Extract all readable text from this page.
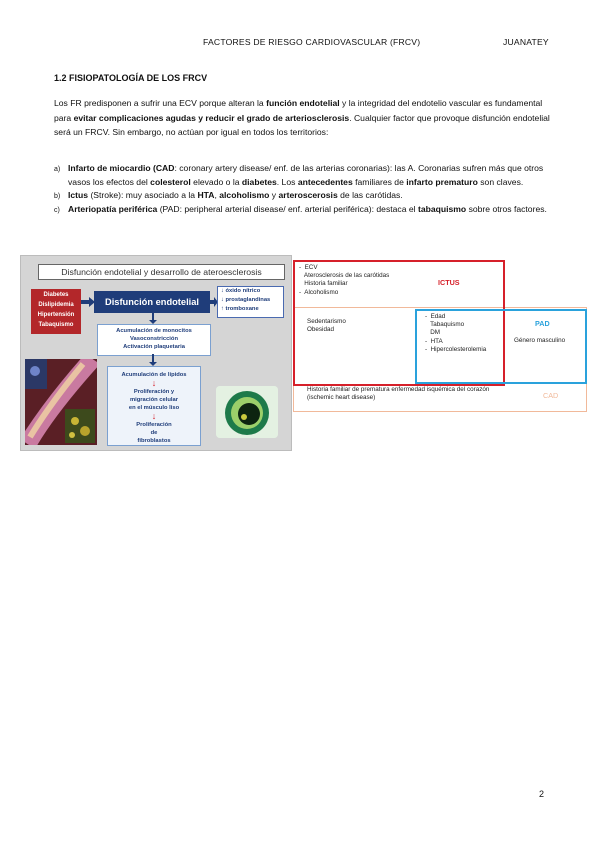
FACTORES DE RIESGO CARDIOVASCULAR (FRCV)	JUANATEY
1.2 FISIOPATOLOGÍA DE LOS FRCV
Los FR predisponen a sufrir una ECV porque alteran la función endotelial y la integridad del endotelio vascular es fundamental para evitar complicaciones agudas y reducir el grado de arteriosclerosis. Cualquier factor que provoque disfunción endotelial será un FRCV. Sin embargo, no actúan por igual en todos los territorios:
a) Infarto de miocardio (CAD: coronary artery disease/ enf. de las arterias coronarias): las A. Coronarias sufren más que otros vasos los efectos del colesterol elevado o la diabetes. Los antecedentes familiares de infarto prematuro son claves.
b) Ictus (Stroke): muy asociado a la HTA, alcoholismo y arteroscerosis de las carótidas.
c) Arteriopatía periférica (PAD: peripheral arterial disease/ enf. arterial periférica): destaca el tabaquismo sobre otros factores.
Disfunción endotelial y desarrollo de ateroesclerosis
Diabetes
Dislipidemia
Hipertensión
Tabaquismo
Disfunción endotelial
↓ óxido nítrico
↓ prostaglandinas
↑ tromboxane
Acumulación de monocitos
Vasoconstricción
Activación plaquetaria
Acumulación de lípidos
↓
Proliferación y
migración celular
en el músculo liso
↓
Proliferación
de
fibroblastos
-  ECV
Aterosclerosis de las carótidas
Historia familiar
-  Alcoholismo
ICTUS
Sedentarismo
Obesidad
-  Edad
Tabaquismo
DM
-  HTA
-  Hipercolesterolemia
PAD
Género masculino
Historia familiar de prematura enfermedad isquémica del corazón
(ischemic heart disease)	CAD
2
